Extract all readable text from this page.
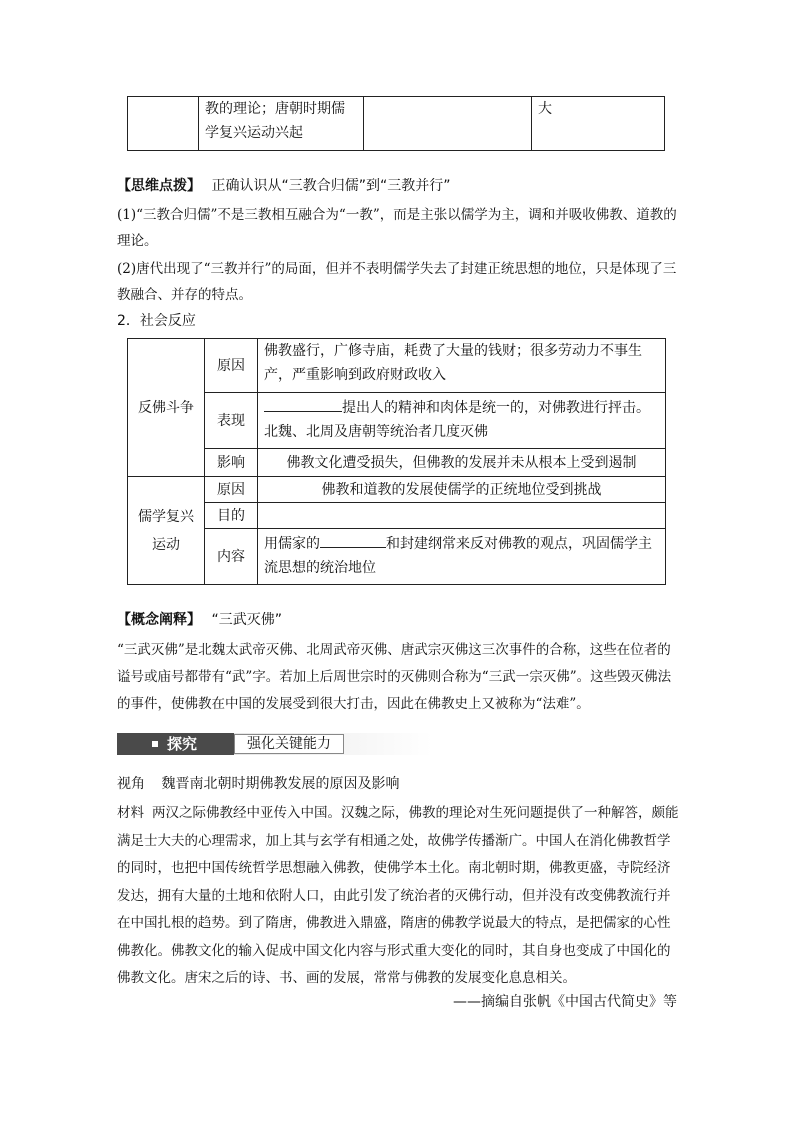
	教的理论；唐朝时期儒学复兴运动兴起		大
【思维点拨】 正确认识从“三教合归儒”到“三教并行”
(1)“三教合归儒”不是三教相互融合为“一教”，而是主张以儒学为主，调和并吸收佛教、道教的理论。
(2)唐代出现了“三教并行”的局面，但并不表明儒学失去了封建正统思想的地位，只是体现了三教融合、并存的特点。
2．社会反应
反佛斗争	原因	佛教盛行，广修寺庙，耗费了大量的钱财；很多劳动力不事生产，严重影响到政府财政收入
	表现	提出人的精神和肉体是统一的，对佛教进行抨击。
北魏、北周及唐朝等统治者几度灭佛

	影响	佛教文化遭受损失，但佛教的发展并未从根本上受到遏制
儒学复兴运动	原因	佛教和道教的发展使儒学的正统地位受到挑战
	目的	
	内容	用儒家的 和封建纲常来反对佛教的观点，巩固儒学主流思想的统治地位
【概念阐释】 “三武灭佛”
“三武灭佛”是北魏太武帝灭佛、北周武帝灭佛、唐武宗灭佛这三次事件的合称，这些在位者的谥号或庙号都带有“武”字。若加上后周世宗时的灭佛则合称为“三武一宗灭佛”。这些毁灭佛法的事件，使佛教在中国的发展受到很大打击，因此在佛教史上又被称为“法难”。
探究	强化关键能力
视角 魏晋南北朝时期佛教发展的原因及影响
材料 两汉之际佛教经中亚传入中国。汉魏之际，佛教的理论对生死问题提供了一种解答，颇能满足士大夫的心理需求，加上其与玄学有相通之处，故佛学传播渐广。中国人在消化佛教哲学的同时，也把中国传统哲学思想融入佛教，使佛学本土化。南北朝时期，佛教更盛，寺院经济发达，拥有大量的土地和依附人口，由此引发了统治者的灭佛行动，但并没有改变佛教流行并在中国扎根的趋势。到了隋唐，佛教进入鼎盛，隋唐的佛教学说最大的特点，是把儒家的心性佛教化。佛教文化的输入促成中国文化内容与形式重大变化的同时，其自身也变成了中国化的佛教文化。唐宋之后的诗、书、画的发展，常常与佛教的发展变化息息相关。
——摘编自张帆《中国古代简史》等
